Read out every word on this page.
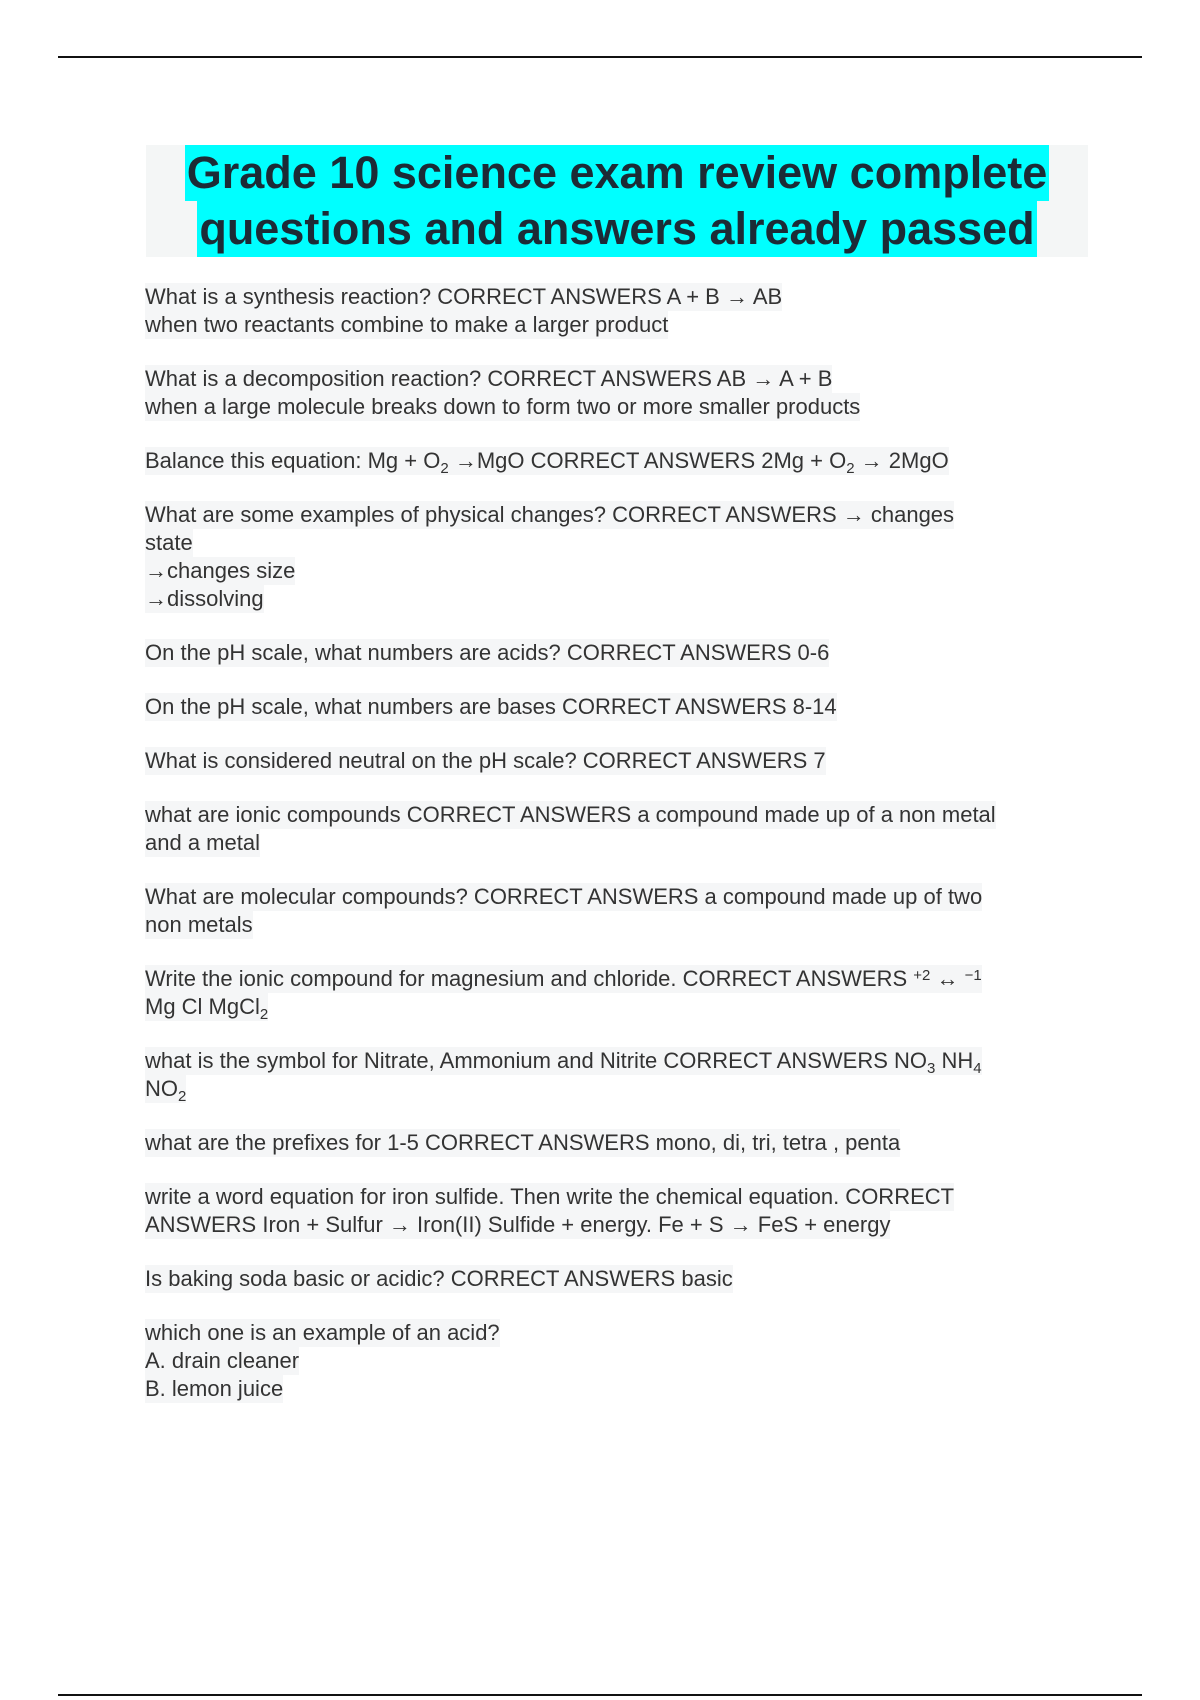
Grade 10 science exam review complete
questions and answers already passed
What is a synthesis reaction? CORRECT ANSWERS A + B → AB
when two reactants combine to make a larger product
What is a decomposition reaction? CORRECT ANSWERS AB → A + B
when a large molecule breaks down to form two or more smaller products
Balance this equation: $Mg + O_2 \to MgO$ CORRECT ANSWERS $2Mg + O_2 \to 2MgO$
What are some examples of physical changes? CORRECT ANSWERS → changes
state
→changes size
→dissolving
On the pH scale, what numbers are acids? CORRECT ANSWERS 0-6
On the pH scale, what numbers are bases CORRECT ANSWERS 8-14
What is considered neutral on the pH scale? CORRECT ANSWERS 7
what are ionic compounds CORRECT ANSWERS a compound made up of a non metal
and a metal
What are molecular compounds? CORRECT ANSWERS a compound made up of two
non metals
Write the ionic compound for magnesium and chloride. CORRECT ANSWERS $^{+2}$ ↔ $^{-1}$
Mg Cl MgCl$_2$
what is the symbol for Nitrate, Ammonium and Nitrite CORRECT ANSWERS $NO_3$ $NH_4$
$NO_2$
what are the prefixes for 1-5 CORRECT ANSWERS mono, di, tri, tetra , penta
write a word equation for iron sulfide. Then write the chemical equation. CORRECT
ANSWERS Iron + Sulfur → Iron(II) Sulfide + energy. Fe + S → FeS + energy
Is baking soda basic or acidic? CORRECT ANSWERS basic
which one is an example of an acid?
A. drain cleaner
B. lemon juice
